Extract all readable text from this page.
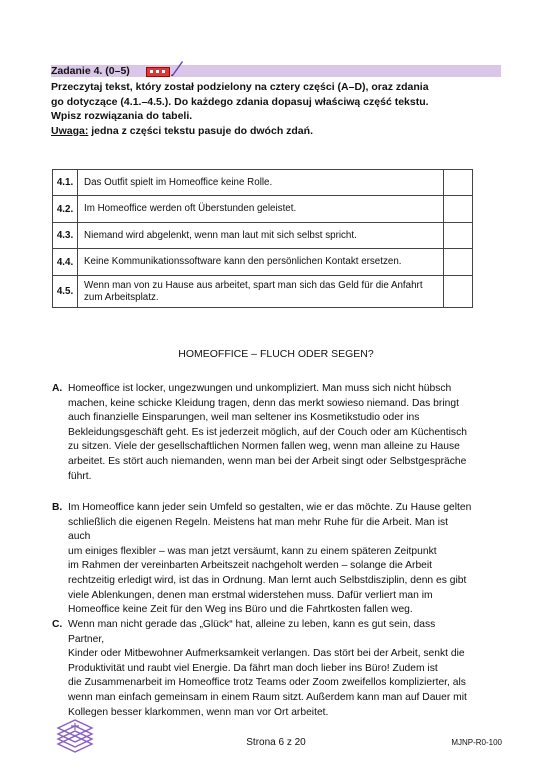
Zadanie 4. (0–5)

Przeczytaj tekst, który został podzielony na cztery części (A–D), oraz zdania

go dotyczące (4.1.–4.5.). Do każdego zdania dopasuj właściwą część tekstu.

Wpisz rozwiązania do tabeli.

Uwaga: jedna z części tekstu pasuje do dwóch zdań.

4.1.	Das Outfit spielt im Homeoffice keine Rolle.	
4.2.	Im Homeoffice werden oft Überstunden geleistet.	
4.3.	Niemand wird abgelenkt, wenn man laut mit sich selbst spricht.	
4.4.	Keine Kommunikationssoftware kann den persönlichen Kontakt ersetzen.	
4.5.	Wenn man von zu Hause aus arbeitet, spart man sich das Geld für die Anfahrt zum Arbeitsplatz.	
HOMEOFFICE – FLUCH ODER SEGEN?
A. Homeoffice ist locker, ungezwungen und unkompliziert. Man muss sich nicht hübsch
machen, keine schicke Kleidung tragen, denn das merkt sowieso niemand. Das bringt
auch finanzielle Einsparungen, weil man seltener ins Kosmetikstudio oder ins
Bekleidungsgeschäft geht. Es ist jederzeit möglich, auf der Couch oder am Küchentisch
zu sitzen. Viele der gesellschaftlichen Normen fallen weg, wenn man alleine zu Hause
arbeitet. Es stört auch niemanden, wenn man bei der Arbeit singt oder Selbstgespräche
führt.
B. Im Homeoffice kann jeder sein Umfeld so gestalten, wie er das möchte. Zu Hause gelten
schließlich die eigenen Regeln. Meistens hat man mehr Ruhe für die Arbeit. Man ist auch
um einiges flexibler – was man jetzt versäumt, kann zu einem späteren Zeitpunkt
im Rahmen der vereinbarten Arbeitszeit nachgeholt werden – solange die Arbeit
rechtzeitig erledigt wird, ist das in Ordnung. Man lernt auch Selbstdisziplin, denn es gibt
viele Ablenkungen, denen man erstmal widerstehen muss. Dafür verliert man im
Homeoffice keine Zeit für den Weg ins Büro und die Fahrtkosten fallen weg.
C. Wenn man nicht gerade das „Glück“ hat, alleine zu leben, kann es gut sein, dass Partner,
Kinder oder Mitbewohner Aufmerksamkeit verlangen. Das stört bei der Arbeit, senkt die
Produktivität und raubt viel Energie. Da fährt man doch lieber ins Büro! Zudem ist
die Zusammenarbeit im Homeoffice trotz Teams oder Zoom zweifellos komplizierter, als
wenn man einfach gemeinsam in einem Raum sitzt. Außerdem kann man auf Dauer mit
Kollegen besser klarkommen, wenn man vor Ort arbeitet.
Strona 6 z 20	MJNP-R0-100
